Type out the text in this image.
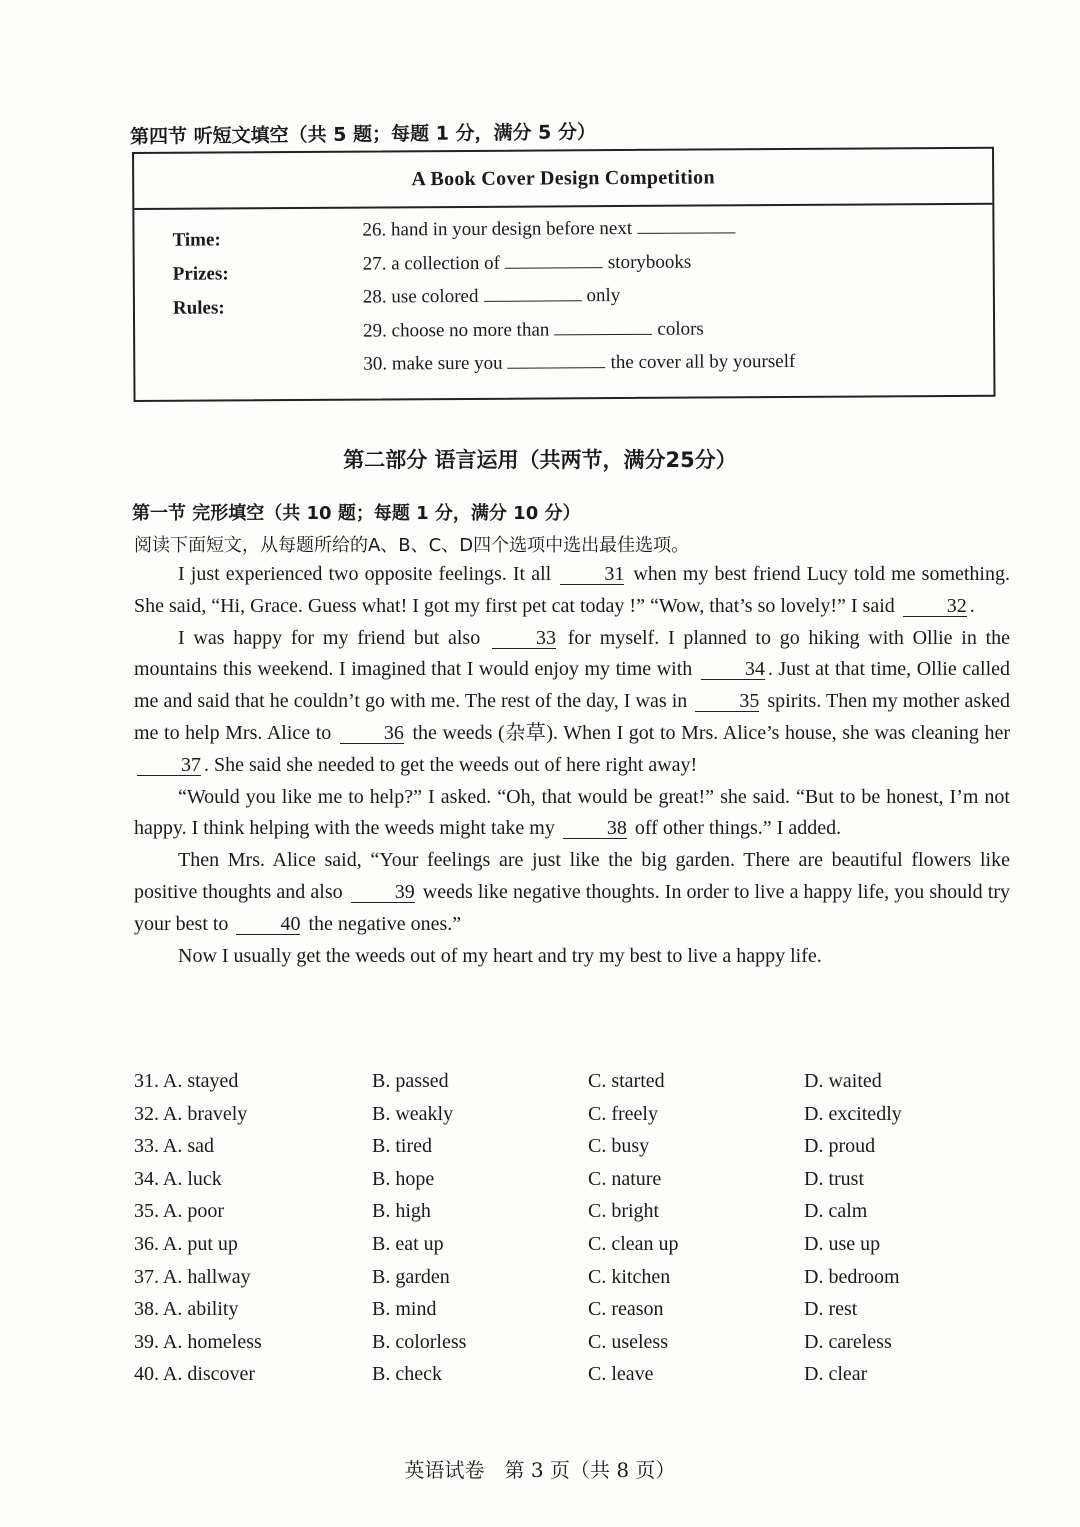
第四节 听短文填空（共 5 题；每题 1 分，满分 5 分）
A Book Cover Design Competition
Time:
Prizes:
Rules:
26. hand in your design before next
27. a collection of	storybooks
28. use colored	only
29. choose no more than	colors
30. make sure you	the cover all by yourself
第二部分 语言运用（共两节，满分25分）
第一节 完形填空（共 10 题；每题 1 分，满分 10 分）
阅读下面短文，从每题所给的A、B、C、D四个选项中选出最佳选项。

I just experienced two opposite feelings. It all	31 when my best friend Lucy told me something. She said, “Hi, Grace. Guess what! I got my first pet cat today !” “Wow, that’s so lovely!” I said	32 .

I was happy for my friend but also	33 for myself. I planned to go hiking with Ollie in the mountains this weekend. I imagined that I would enjoy my time with	34 . Just at that time, Ollie called me and said that he couldn’t go with me. The rest of the day, I was in	35 spirits. Then my mother asked me to help Mrs. Alice to	36 the weeds (杂草). When I got to Mrs. Alice’s house, she was cleaning her 37 . She said she needed to get the weeds out of here right away!

“Would you like me to help?” I asked. “Oh, that would be great!” she said. “But to be honest, I’m not happy. I think helping with the weeds might take my	38 off other things.” I added.

Then Mrs. Alice said, “Your feelings are just like the big garden. There are beautiful flowers like positive thoughts and also	39 weeds like negative thoughts. In order to live a happy life, you should try your best to	40 the negative ones.”

Now I usually get the weeds out of my heart and try my best to live a happy life.

31. A. stayed	B. passed	C. started	D. waited
32. A. bravely	B. weakly	C. freely	D. excitedly
33. A. sad	B. tired	C. busy	D. proud
34. A. luck	B. hope	C. nature	D. trust
35. A. poor	B. high	C. bright	D. calm
36. A. put up	B. eat up	C. clean up	D. use up
37. A. hallway	B. garden	C. kitchen	D. bedroom
38. A. ability	B. mind	C. reason	D. rest
39. A. homeless	B. colorless	C. useless	D. careless
40. A. discover	B. check	C. leave	D. clear
英语试卷　第 3 页（共 8 页）
